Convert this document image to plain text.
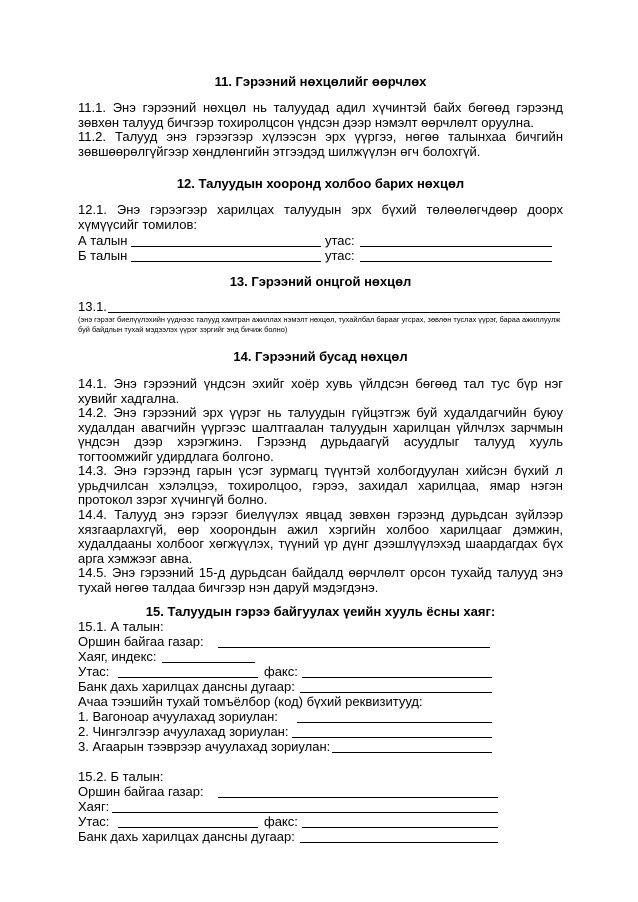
11. Гэрээний нөхцөлийг өөрчлөх

11.1. Энэ гэрээний нөхцөл нь талуудад адил хүчинтэй байх бөгөөд гэрээнд зөвхөн талууд бичгээр тохиролцсон үндсэн дээр нэмэлт өөрчлөлт оруулна.

11.2. Талууд энэ гэрээгээр хүлээсэн эрх үүргээ, нөгөө талынхаа бичгийн зөвшөөрөлгүйгээр хөндлөнгийн этгээдэд шилжүүлэн өгч болохгүй.

12. Талуудын хооронд холбоо барих нөхцөл

12.1. Энэ гэрээгээр харилцах талуудын эрх бүхий төлөөлөгчдөөр доорх хүмүүсийг томилов:

А талын	утас:
Б талын	утас:
13. Гэрээний онцгой нөхцөл
13.1.

(энэ гэрээг биелүүлэхийн үүднээс талууд хамтран ажиллах нэмэлт нөхцөл, тухайлбал барааг угсрах, зөвлөн туслах үүрэг, бараа ажиллуулж буй байдлын тухай мэдээлэх үүрэг зэргийг энд бичиж болно)

14. Гэрээний бусад нөхцөл

14.1. Энэ гэрээний үндсэн эхийг хоёр хувь үйлдсэн бөгөөд тал тус бүр нэг хувийг хадгална.

14.2. Энэ гэрээний эрх үүрэг нь талуудын гүйцэтгэж буй худалдагчийн буюу худалдан авагчийн үүргээс шалтгаалан талуудын харилцан үйлчлэх зарчмын үндсэн дээр хэрэгжинэ. Гэрээнд дурьдаагүй асуудлыг талууд хууль тогтоомжийг удирдлага болгоно.

14.3. Энэ гэрээнд гарын үсэг зурмагц түүнтэй холбогдуулан хийсэн бүхий л урьдчилсан хэлэлцээ, тохиролцоо, гэрээ, захидал харилцаа, ямар нэгэн протокол зэрэг хүчингүй болно.

14.4. Талууд энэ гэрээг биелүүлэх явцад зөвхөн гэрээнд дурьдсан зүйлээр хязгаарлахгүй, өөр хоорондын ажил хэргийн холбоо харилцааг дэмжин, худалдааны холбоог хөгжүүлэх, түүний үр дүнг дээшлүүлэхэд шаардагдах бүх арга хэмжээг авна.

14.5. Энэ гэрээний 15-д дурьдсан байдалд өөрчлөлт орсон тухайд талууд энэ тухай нөгөө талдаа бичгээр нэн даруй мэдэгдэнэ.

15. Талуудын гэрээ байгуулах үеийн хууль ёсны хаяг:
15.1. А талын:
Оршин байгаа газар:
Хаяг, индекс:
Утас:	факс:
Банк дахь харилцах дансны дугаар:
Ачаа тээшийн тухай томъёлбор (код) бүхий реквизитууд:
1. Вагоноар ачуулахад зориулан:
2. Чингэлгээр ачуулахад зориулан:
3. Агаарын тээврээр ачуулахад зориулан:
15.2. Б талын:
Оршин байгаа газар:
Хаяг:
Утас:	факс:
Банк дахь харилцах дансны дугаар:
